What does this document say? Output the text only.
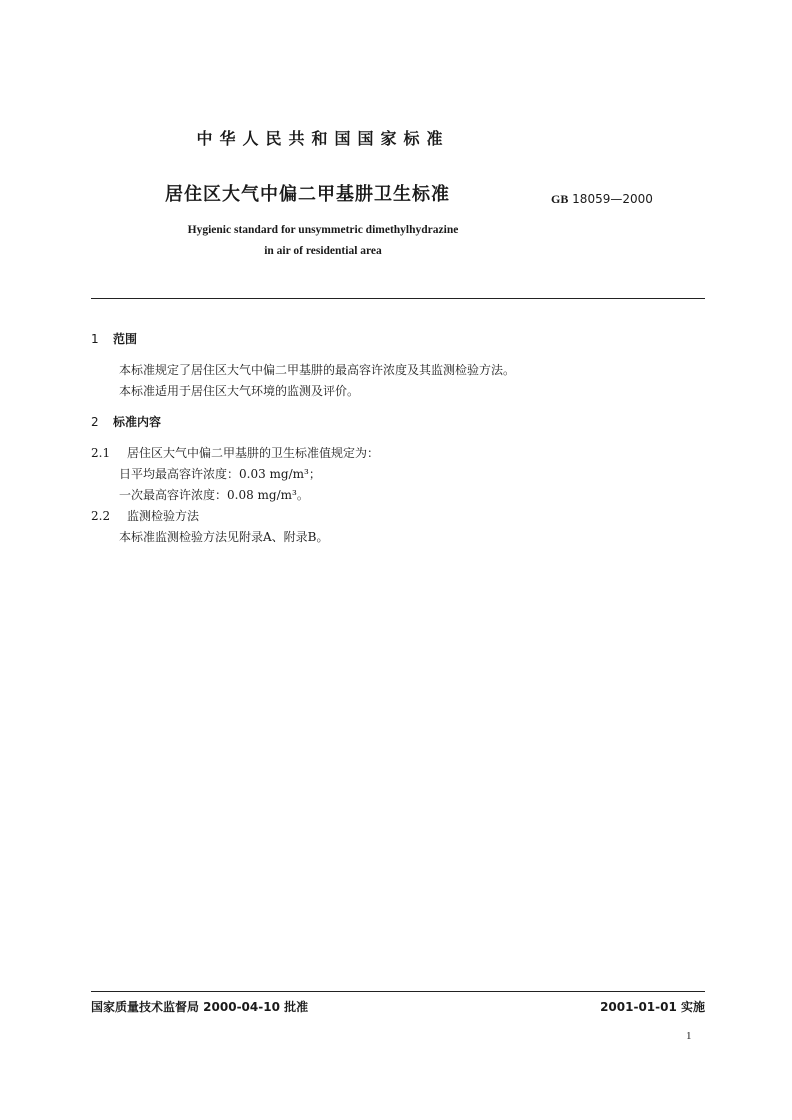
中华人民共和国国家标准
居住区大气中偏二甲基肼卫生标准	GB 18059—2000
Hygienic standard for unsymmetric dimethylhydrazine
in air of residential area
1 范围
本标准规定了居住区大气中偏二甲基肼的最高容许浓度及其监测检验方法。
本标准适用于居住区大气环境的监测及评价。
2 标准内容
2.1 居住区大气中偏二甲基肼的卫生标准值规定为：
日平均最高容许浓度：0.03 mg/m³；
一次最高容许浓度：0.08 mg/m³。
2.2 监测检验方法
本标准监测检验方法见附录A、附录B。
国家质量技术监督局 2000-04-10 批准	2001-01-01 实施
1
